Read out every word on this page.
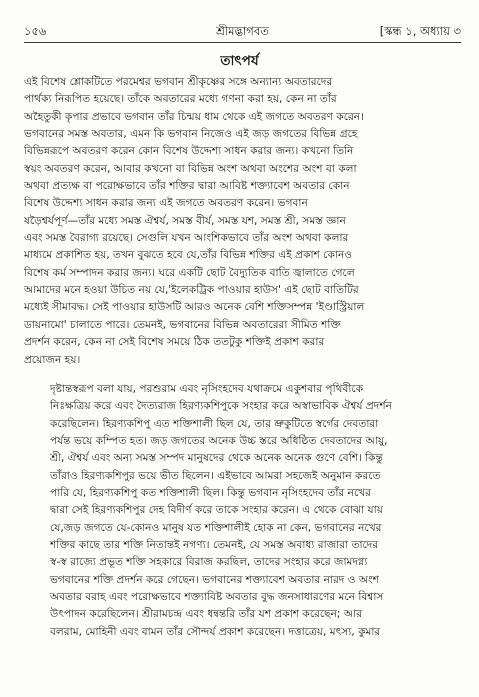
১৫৬	শ্রীমদ্ভাগবত	[স্কন্ধ ১, অধ্যায় ৩
তাৎপর্য

এই বিশেষ শ্লোকটিতে পরমেশ্বর ভগবান শ্রীকৃষ্ণের সঙ্গে অন্যান্য অবতারদের
পার্থক্য নিরূপিত হয়েছে। তাঁকে অবতারের মধ্যে গণনা করা হয়, কেন না তাঁর
অহৈতুকী কৃপার প্রভাবে ভগবান তাঁর চিন্ময় ধাম থেকে এই জগতে অবতরণ করেন।
ভগবানের সমস্ত অবতার, এমন কি ভগবান নিজেও এই জড় জগতের বিভিন্ন গ্রহে
বিভিন্নরূপে অবতরণ করেন কোন বিশেষ উদ্দেশ্য সাধন করার জন্য। কখনো তিনি
স্বয়ং অবতরণ করেন, আবার কখনো বা বিভিন্ন অংশ অথবা অংশের অংশ বা কলা
অথবা প্রত্যক্ষ বা পরোক্ষভাবে তাঁর শক্তির দ্বারা আবিষ্ট শক্ত্যাবেশ অবতার কোন
বিশেষ উদ্দেশ্য সাধন করার জন্য এই জগতে অবতরণ করেন। ভগবান
ষড়ৈশ্বর্যপূর্ণ—তাঁর মধ্যে সমস্ত ঐশ্বর্য, সমস্ত বীর্য, সমস্ত যশ, সমস্ত শ্রী, সমস্ত জ্ঞান
এবং সমস্ত বৈরাগ্য রয়েছে। সেগুলি যখন আংশিকভাবে তাঁর অংশ অথবা কলার
মাধ্যমে প্রকাশিত হয়, তখন বুঝতে হবে যে,তাঁর বিভিন্ন শক্তির এই প্রকাশ কোনও
বিশেষ কর্ম সম্পাদন করার জন্য। ঘরে একটি ছোট বৈদ্যুতিক বাতি জ্বালাতে গেলে
আমাদের মনে হওয়া উচিত নয় যে,'ইলেকট্রিক পাওয়ার হাউস' এই ছোট বাতিটির
মধ্যেই সীমাবদ্ধ। সেই পাওয়ার হাউসটি আরও অনেক বেশি শক্তিসম্পন্ন 'ইণ্ডাস্ট্রিয়াল
ডায়নামো' চালাতে পারে। তেমনই, ভগবানের বিভিন্ন অবতারেরা সীমিত শক্তি
প্রদর্শন করেন, কেন না সেই বিশেষ সময়ে ঠিক ততটুকু শক্তিই প্রকাশ করার
প্রয়োজন হয়।

দৃষ্টান্তস্বরূপ বলা যায়, পরশুরাম এবং নৃসিংহদেব যথাক্রমে একুশবার পৃথিবীকে
নিঃক্ষত্রিয় করে এবং দৈত্যরাজ হিরণ্যকশিপুকে সংহার করে অস্বাভাবিক ঐশ্বর্য প্রদর্শন
করেছিলেন। হিরণ্যকশিপু এত শক্তিশালী ছিল যে, তার ভ্রুকুটিতে স্বর্গের দেবতারা
পর্যন্ত ভয়ে কম্পিত হত। জড় জগতের অনেক উচ্চ স্তরে অধিষ্ঠিত দেবতাদের আয়ু,
শ্রী, ঐশ্বর্য এবং অন্য সমস্ত সম্পদ মানুষদের থেকে অনেক অনেক গুণে বেশি। কিন্তু
তাঁরাও হিরণ্যকশিপুর ভয়ে ভীত ছিলেন। এইভাবে আমরা সহজেই অনুমান করতে
পারি যে, হিরণ্যকশিপু কত শক্তিশালী ছিল। কিন্তু ভগবান নৃসিংহদেব তাঁর নখের
দ্বারা সেই হিরণ্যকশিপুর দেহ বিদীর্ণ করে তাকে সংহার করেন। এ থেকে বোঝা যায়
যে,জড় জগতে যে-কোনও মানুষ যত শক্তিশালীই হোক না কেন, ভগবানের নখের
শক্তির কাছে তার শক্তি নিতান্তই নগণ্য। তেমনই, যে সমস্ত অবাধ্য রাজারা তাদের
স্ব-স্ব রাজ্যে প্রভূত শক্তি সহকারে বিরাজ করছিল, তাদের সংহার করে জামদগ্ন্য
ভগবানের শক্তি প্রদর্শন করে গেছেন। ভগবানের শক্ত্যাবেশ অবতার নারদ ও অংশ
অবতার বরাহ এবং পরোক্ষভাবে শক্ত্যাবিষ্ট অবতার বুদ্ধ জনসাধারণের মনে বিশ্বাস
উৎপাদন করেছিলেন। শ্রীরামচন্দ্র এবং ধন্বন্তরি তাঁর যশ প্রকাশ করেছেন; আর
বলরাম, মোহিনী এবং বামন তাঁর সৌন্দর্য প্রকাশ করেছেন। দত্তাত্রেয়, মৎস্য, কুমার
